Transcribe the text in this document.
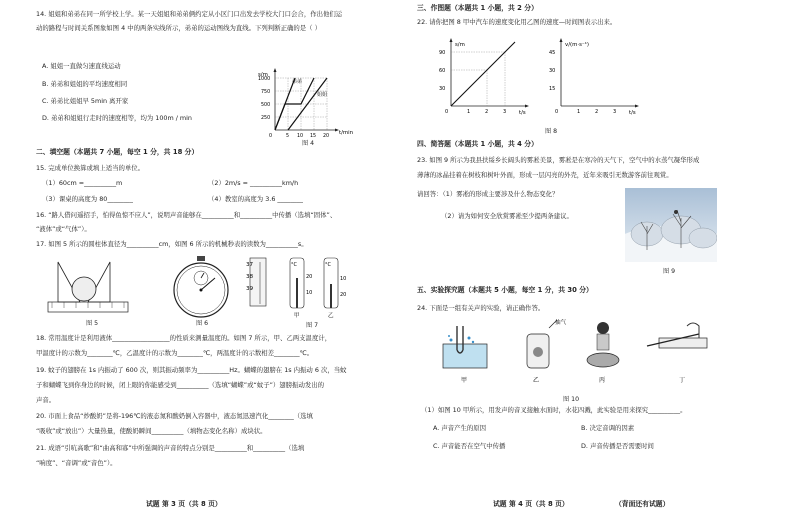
14. 姐姐和弟弟在同一所学校上学。某一天姐姐和弟弟俩约定从小区门口出发去学校大门口会合，作出他们运
动的路程与时间关系图象如图 4 中的两条实线所示，弟弟的运动图线为直线。下列判断正确的是（ ）
A. 姐姐一直做匀速直线运动
B. 弟弟和姐姐的平均速度相同
C. 弟弟比姐姐早 5min 离开家
D. 弟弟和姐姐行走时的速度相等，均为 100m / min
s/m
t/min
1000
750
500
250
0	5 10 15 20
弟弟
姐姐
图 4
二、填空题（本题共 7 小题，每空 1 分，共 18 分）
15. 完成单位换算或填上适当的单位。
（1）60cm =__________m	（2）2m/s = __________km/h
（3）课桌的高度为 80________	（4）教室的高度为 3.6 ________
16. “路人借问遥招手，怕得鱼惊不应人”，说明声音能够在__________和__________中传播（选填“固体”、
“液体”或“气体”）。
17. 如图 5 所示的圆柱体直径为__________cm，如图 6 所示的机械秒表的读数为__________s。
图 5	图 6
37
38
39
°C
20
10
°C
10
20
甲	乙
图 7
18. 常用温度计是利用液体__________________的性质来测量温度的。如图 7 所示，甲、乙两支温度计，
甲温度计的示数为________℃，乙温度计的示数为________℃，两温度计的示数相差________℃。
19. 蚊子的翅膀在 1s 内振动了 600 次，则其振动频率为__________Hz。蝴蝶的翅膀在 1s 内振动 6 次，当蚊
子和蝴蝶飞到你身边的时候，闭上眼的你能感受到__________（选填“蝴蝶”或“蚊子”）翅膀振动发出的
声音。
20. 市面上食品“炒酸奶”是将-196℃的液态氮和酸奶倒入容器中，液态氮迅速汽化________（选填
“吸收”或“放出”）大量热量，使酸奶瞬间__________（填物态变化名称）成块状。
21. 成语“引吭高歌”和“曲高和寡”中所强调的声音的特点分别是__________和__________（选填
“响度”、“音调”或“音色”）。
试题 第 3 页（共 8 页）
三、作图题（本题共 1 小题，共 2 分）
22. 请你把图 8 甲中汽车的速度变化用乙图的速度—时间图表示出来。
s/m
t/s
90
60
30
0	1	2	3
v/(m·s⁻¹)
t/s
45
30
15
0	1	2	3
图 8
四、简答题（本题共 1 小题，共 4 分）
23. 如图 9 所示为我县扶绥乡长阔头的雾凇美景，雾凇是在寒冷的天气下，空气中的水蒸气凝华形成
薄薄的冰晶挂着在树枝和树叶外面，形成一层闪亮的外壳，近年来吸引无数游客前往观赏。
请回答：（1）雾凇的形成主要涉及什么物态变化？
（2）请为如何安全欣赏雾凇至少提两条建议。
图 9
五、实验探究题（本题共 5 小题，每空 1 分，共 30 分）
24. 下面是一组有关声的实验，请正确作答。
甲
抽气
乙	丙	丁
图 10
（1）如图 10 甲所示，用发声的音叉接触水面时，水花四溅，此实验是用来探究__________。
A. 声音产生的原因	B. 决定音调的因素
C. 声音能否在空气中传播	D. 声音传播是否需要时间
试题 第 4 页（共 8 页）	（背面还有试题）
